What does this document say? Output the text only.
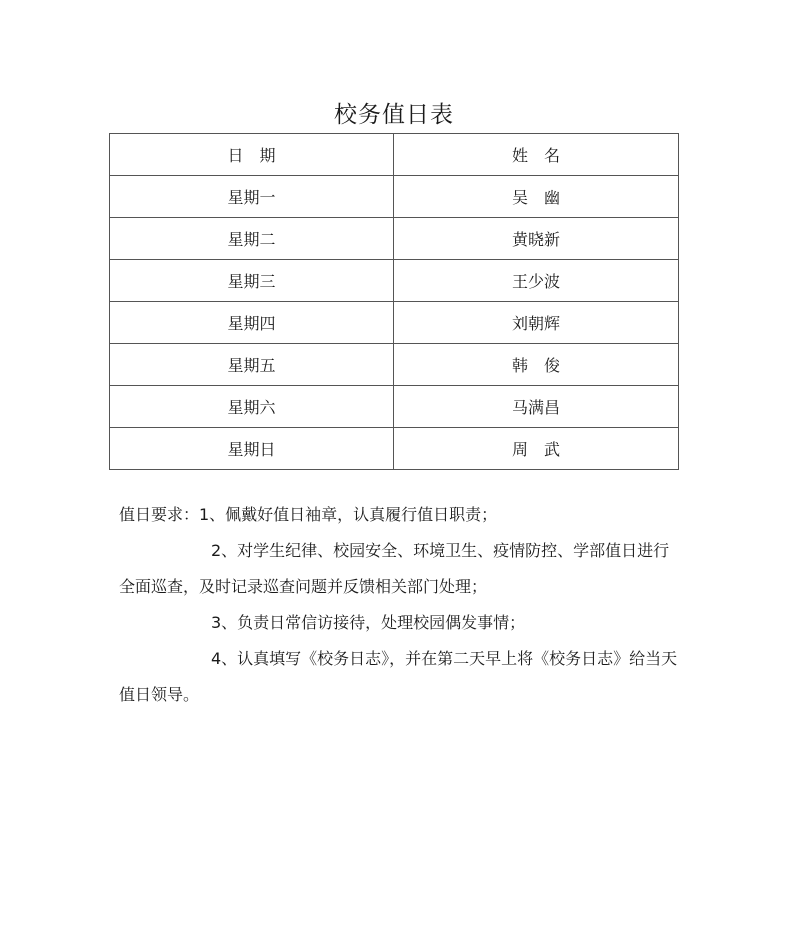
校务值日表
日　期	姓　名
星期一	吴　幽
星期二	黄晓新
星期三	王少波
星期四	刘朝辉
星期五	韩　俊
星期六	马满昌
星期日	周　武

值日要求：1、佩戴好值日袖章，认真履行值日职责；

2、对学生纪律、校园安全、环境卫生、疫情防控、学部值日进行全面巡查，及时记录巡查问题并反馈相关部门处理；

3、负责日常信访接待，处理校园偶发事情；

4、认真填写《校务日志》，并在第二天早上将《校务日志》给当天值日领导。
